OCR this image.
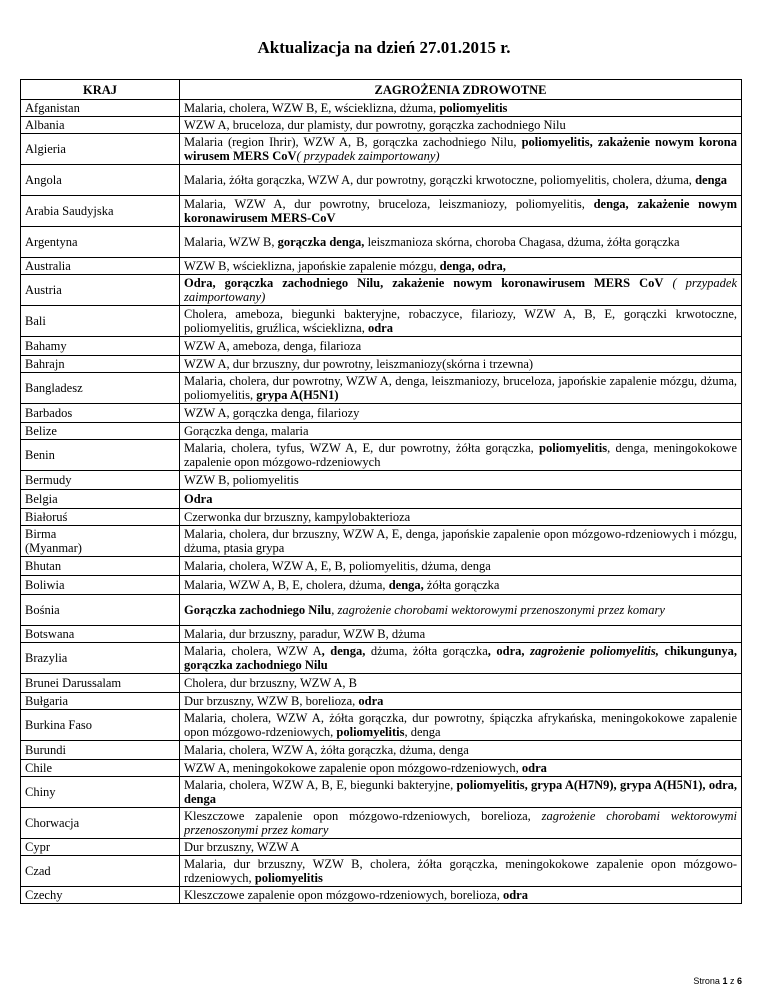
Aktualizacja na dzień 27.01.2015 r.
KRAJ	ZAGROŻENIA ZDROWOTNE
Afganistan	Malaria, cholera, WZW B, E, wścieklizna, dżuma, poliomyelitis
Albania	WZW A, bruceloza, dur plamisty, dur powrotny, gorączka zachodniego Nilu
Algieria	Malaria (region Ihrir), WZW A, B, gorączka zachodniego Nilu, poliomyelitis, zakażenie nowym korona wirusem MERS CoV( przypadek zaimportowany)
Angola	Malaria, żółta gorączka, WZW A, dur powrotny, gorączki krwotoczne, poliomyelitis, cholera, dżuma, denga
Arabia Saudyjska	Malaria, WZW A, dur powrotny, bruceloza, leiszmaniozy, poliomyelitis, denga, zakażenie nowym koronawirusem MERS-CoV
Argentyna	Malaria, WZW B, gorączka denga, leiszmanioza skórna, choroba Chagasa, dżuma, żółta gorączka
Australia	WZW B, wścieklizna, japońskie zapalenie mózgu, denga, odra,
Austria	Odra, gorączka zachodniego Nilu, zakażenie nowym koronawirusem MERS CoV ( przypadek zaimportowany)
Bali	Cholera, ameboza, biegunki bakteryjne, robaczyce, filariozy, WZW A, B, E, gorączki krwotoczne, poliomyelitis, gruźlica, wścieklizna, odra
Bahamy	WZW A, ameboza, denga, filarioza
Bahrajn	WZW A, dur brzuszny, dur powrotny, leiszmaniozy(skórna i trzewna)
Bangladesz	Malaria, cholera, dur powrotny, WZW A, denga, leiszmaniozy, bruceloza, japońskie zapalenie mózgu, dżuma, poliomyelitis, grypa A(H5N1)
Barbados	WZW A, gorączka denga, filariozy
Belize	Gorączka denga, malaria
Benin	Malaria, cholera, tyfus, WZW A, E, dur powrotny, żółta gorączka, poliomyelitis, denga, meningokokowe zapalenie opon mózgowo-rdzeniowych
Bermudy	WZW B, poliomyelitis
Belgia	Odra
Białoruś	Czerwonka dur brzuszny, kampylobakterioza
Birma
(Myanmar)	Malaria, cholera, dur brzuszny, WZW A, E, denga, japońskie zapalenie opon mózgowo-rdzeniowych i mózgu, dżuma, ptasia grypa
Bhutan	Malaria, cholera, WZW A, E, B, poliomyelitis, dżuma, denga
Boliwia	Malaria, WZW A, B, E, cholera, dżuma, denga, żółta gorączka
Bośnia	Gorączka zachodniego Nilu, zagrożenie chorobami wektorowymi przenoszonymi przez komary
Botswana	Malaria, dur brzuszny, paradur, WZW B, dżuma
Brazylia	Malaria, cholera, WZW A, denga, dżuma, żółta gorączka, odra, zagrożenie poliomyelitis, chikungunya, gorączka zachodniego Nilu
Brunei Darussalam	Cholera, dur brzuszny, WZW A, B
Bułgaria	Dur brzuszny, WZW B, borelioza, odra
Burkina Faso	Malaria, cholera, WZW A, żółta gorączka, dur powrotny, śpiączka afrykańska, meningokokowe zapalenie opon mózgowo-rdzeniowych, poliomyelitis, denga
Burundi	Malaria, cholera, WZW A, żółta gorączka, dżuma, denga
Chile	WZW A, meningokokowe zapalenie opon mózgowo-rdzeniowych, odra
Chiny	Malaria, cholera, WZW A, B, E, biegunki bakteryjne, poliomyelitis, grypa A(H7N9), grypa A(H5N1), odra, denga
Chorwacja	Kleszczowe zapalenie opon mózgowo-rdzeniowych, borelioza, zagrożenie chorobami wektorowymi przenoszonymi przez komary
Cypr	Dur brzuszny, WZW A
Czad	Malaria, dur brzuszny, WZW B, cholera, żółta gorączka, meningokokowe zapalenie opon mózgowo- rdzeniowych, poliomyelitis
Czechy	Kleszczowe zapalenie opon mózgowo-rdzeniowych, borelioza, odra
Strona 1 z 6
